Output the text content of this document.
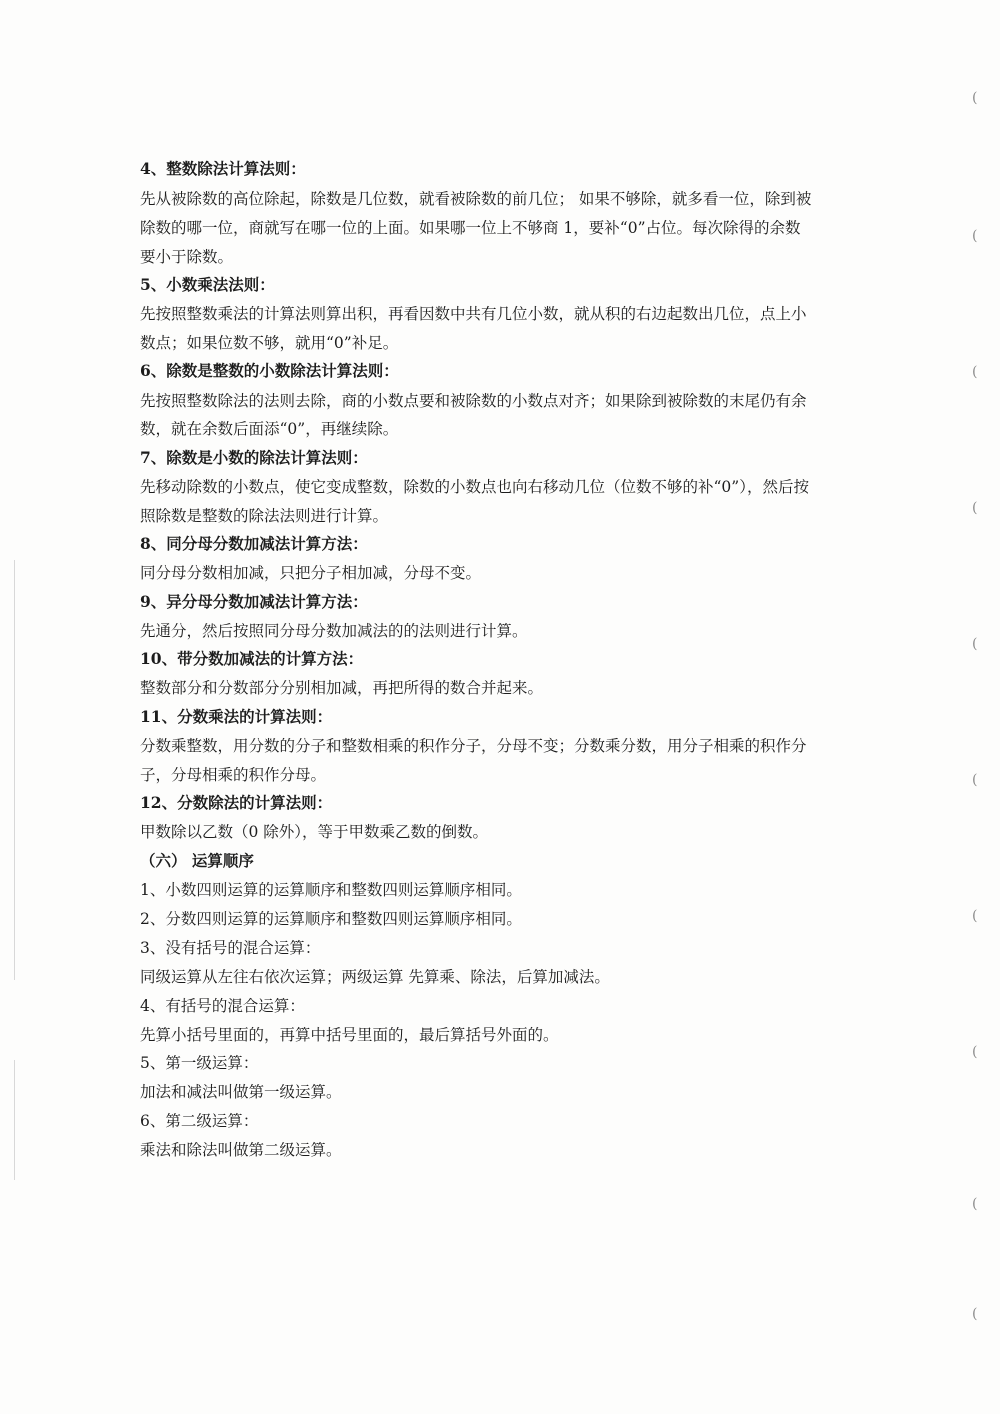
4、整数除法计算法则：
先从被除数的高位除起，除数是几位数，就看被除数的前几位； 如果不够除，就多看一位，除到被
除数的哪一位，商就写在哪一位的上面。如果哪一位上不够商 1，要补“0”占位。每次除得的余数
要小于除数。
5、小数乘法法则：
先按照整数乘法的计算法则算出积，再看因数中共有几位小数，就从积的右边起数出几位，点上小
数点；如果位数不够，就用“0”补足。
6、除数是整数的小数除法计算法则：
先按照整数除法的法则去除，商的小数点要和被除数的小数点对齐；如果除到被除数的末尾仍有余
数，就在余数后面添“0”，再继续除。
7、除数是小数的除法计算法则：
先移动除数的小数点，使它变成整数，除数的小数点也向右移动几位（位数不够的补“0”），然后按
照除数是整数的除法法则进行计算。
8、同分母分数加减法计算方法：
同分母分数相加减，只把分子相加减，分母不变。
9、异分母分数加减法计算方法：
先通分，然后按照同分母分数加减法的的法则进行计算。
10、带分数加减法的计算方法：
整数部分和分数部分分别相加减，再把所得的数合并起来。
11、分数乘法的计算法则：
分数乘整数，用分数的分子和整数相乘的积作分子，分母不变；分数乘分数，用分子相乘的积作分
子，分母相乘的积作分母。
12、分数除法的计算法则：
甲数除以乙数（0 除外），等于甲数乘乙数的倒数。
（六） 运算顺序
1、小数四则运算的运算顺序和整数四则运算顺序相同。
2、分数四则运算的运算顺序和整数四则运算顺序相同。
3、没有括号的混合运算：
同级运算从左往右依次运算；两级运算 先算乘、除法，后算加减法。
4、有括号的混合运算：
先算小括号里面的，再算中括号里面的，最后算括号外面的。
5、第一级运算：
加法和减法叫做第一级运算。
6、第二级运算：
乘法和除法叫做第二级运算。
(
(
(
(
(
(
(
(
(
(
